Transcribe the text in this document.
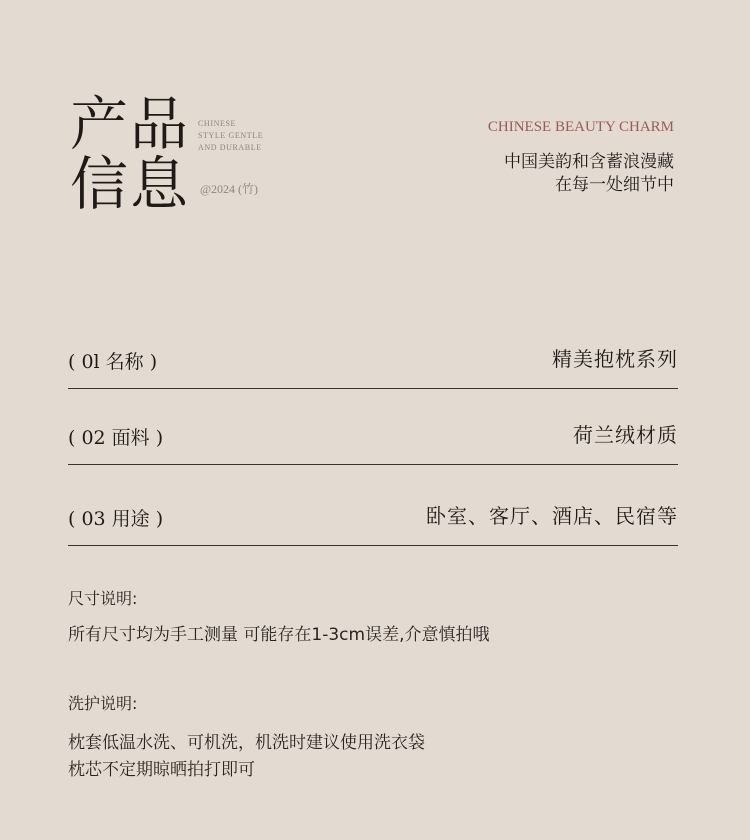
产品
信息
CHINESE
STYLE GENTLE
AND DURABLE
@2024 (竹)
CHINESE BEAUTY CHARM
中国美韵和含蓄浪漫藏
在每一处细节中
( 0l 名称 )	精美抱枕系列
( 02 面料 )	荷兰绒材质
( 03 用途 )	卧室、客厅、酒店、民宿等
尺寸说明:
所有尺寸均为手工测量 可能存在1-3cm误差,介意慎拍哦
洗护说明:
枕套低温水洗、可机洗，机洗时建议使用洗衣袋
枕芯不定期晾晒拍打即可
